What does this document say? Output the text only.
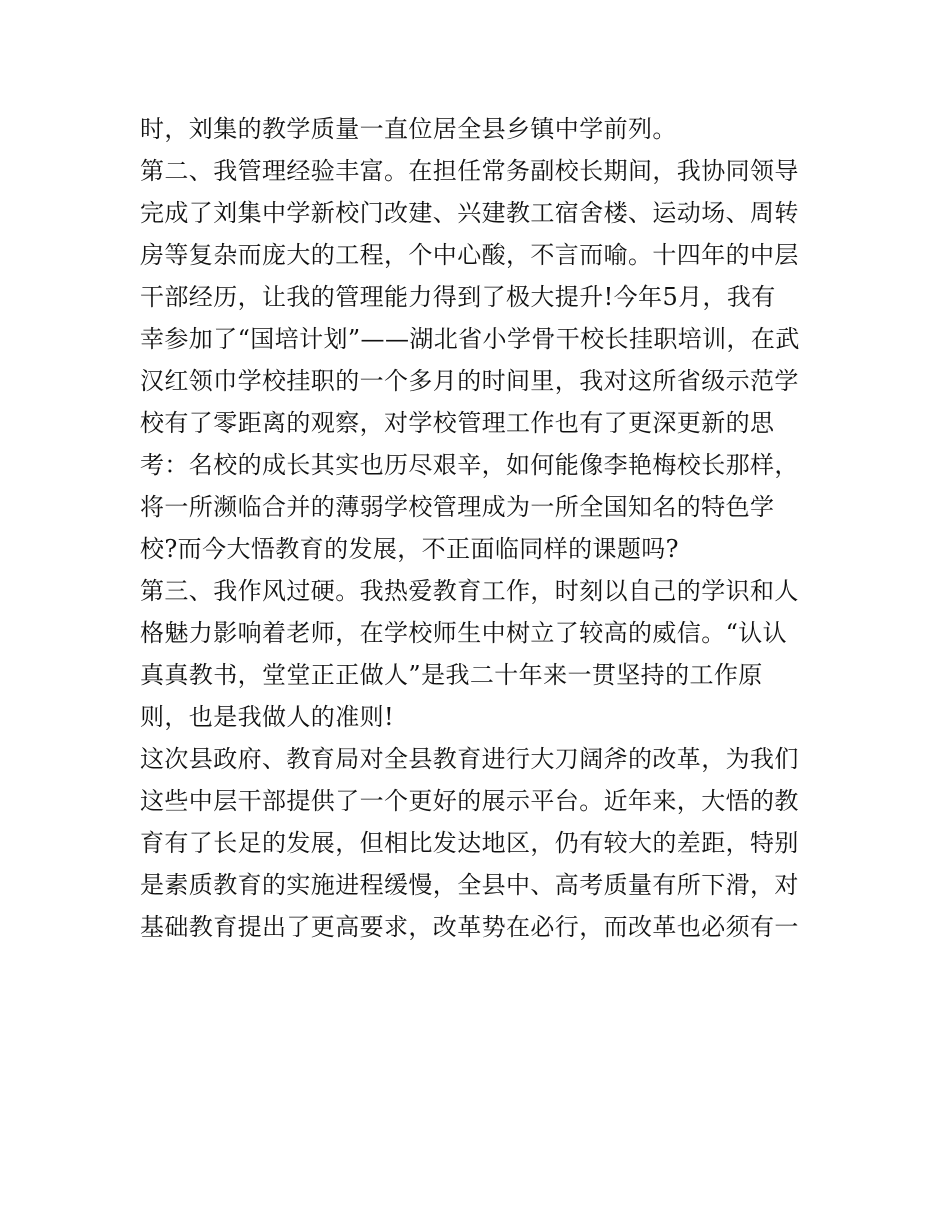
时，刘集的教学质量一直位居全县乡镇中学前列。
第二、我管理经验丰富。在担任常务副校长期间，我协同领导
完成了刘集中学新校门改建、兴建教工宿舍楼、运动场、周转
房等复杂而庞大的工程，个中心酸，不言而喻。十四年的中层
干部经历，让我的管理能力得到了极大提升!今年5月，我有
幸参加了“国培计划”——湖北省小学骨干校长挂职培训，在武
汉红领巾学校挂职的一个多月的时间里，我对这所省级示范学
校有了零距离的观察，对学校管理工作也有了更深更新的思
考：名校的成长其实也历尽艰辛，如何能像李艳梅校长那样，
将一所濒临合并的薄弱学校管理成为一所全国知名的特色学
校?而今大悟教育的发展，不正面临同样的课题吗?
第三、我作风过硬。我热爱教育工作，时刻以自己的学识和人
格魅力影响着老师，在学校师生中树立了较高的威信。“认认
真真教书，堂堂正正做人”是我二十年来一贯坚持的工作原
则，也是我做人的准则!
这次县政府、教育局对全县教育进行大刀阔斧的改革，为我们
这些中层干部提供了一个更好的展示平台。近年来，大悟的教
育有了长足的发展，但相比发达地区，仍有较大的差距，特别
是素质教育的实施进程缓慢，全县中、高考质量有所下滑，对
基础教育提出了更高要求，改革势在必行，而改革也必须有一
